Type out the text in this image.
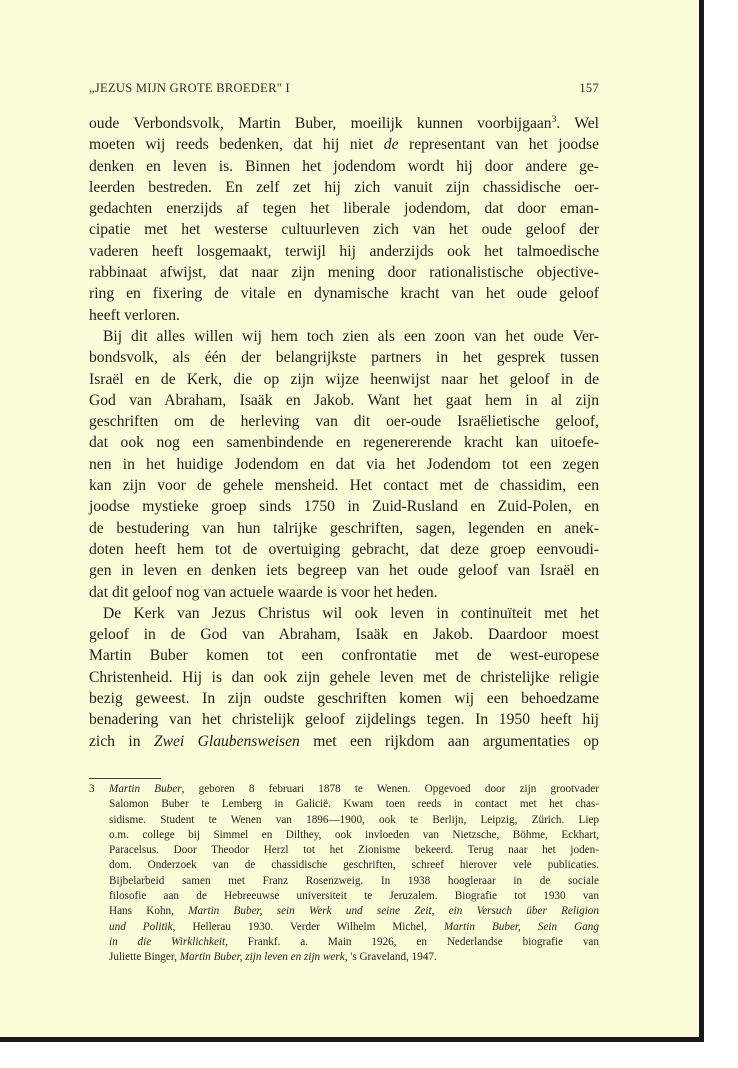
„JEZUS MIJN GROTE BROEDER" I	157
oude Verbondsvolk, Martin Buber, moeilijk kunnen voorbijgaan$^3$. Wel
moeten wij reeds bedenken, dat hij niet de representant van het joodse
denken en leven is. Binnen het jodendom wordt hij door andere ge-
leerden bestreden. En zelf zet hij zich vanuit zijn chassidische oer-
gedachten enerzijds af tegen het liberale jodendom, dat door eman-
cipatie met het westerse cultuurleven zich van het oude geloof der
vaderen heeft losgemaakt, terwijl hij anderzijds ook het talmoedische
rabbinaat afwijst, dat naar zijn mening door rationalistische objective-
ring en fixering de vitale en dynamische kracht van het oude geloof
heeft verloren.
Bij dit alles willen wij hem toch zien als een zoon van het oude Ver-
bondsvolk, als één der belangrijkste partners in het gesprek tussen
Israël en de Kerk, die op zijn wijze heenwijst naar het geloof in de
God van Abraham, Isaäk en Jakob. Want het gaat hem in al zijn
geschriften om de herleving van dit oer-oude Israëlietische geloof,
dat ook nog een samenbindende en regenererende kracht kan uitoefe-
nen in het huidige Jodendom en dat via het Jodendom tot een zegen
kan zijn voor de gehele mensheid. Het contact met de chassidim, een
joodse mystieke groep sinds 1750 in Zuid-Rusland en Zuid-Polen, en
de bestudering van hun talrijke geschriften, sagen, legenden en anek-
doten heeft hem tot de overtuiging gebracht, dat deze groep eenvoudi-
gen in leven en denken iets begreep van het oude geloof van Israël en
dat dit geloof nog van actuele waarde is voor het heden.
De Kerk van Jezus Christus wil ook leven in continuïteit met het
geloof in de God van Abraham, Isaäk en Jakob. Daardoor moest
Martin Buber komen tot een confrontatie met de west-europese
Christenheid. Hij is dan ook zijn gehele leven met de christelijke religie
bezig geweest. In zijn oudste geschriften komen wij een behoedzame
benadering van het christelijk geloof zijdelings tegen. In 1950 heeft hij
zich in Zwei Glaubensweisen met een rijkdom aan argumentaties op
3 Martin Buber, geboren 8 februari 1878 te Wenen. Opgevoed door zijn grootvader
Salomon Buber te Lemberg in Galicië. Kwam toen reeds in contact met het chas-
sidisme. Student te Wenen van 1896—1900, ook te Berlijn, Leipzig, Zürich. Liep
o.m. college bij Simmel en Dilthey, ook invloeden van Nietzsche, Böhme, Eckhart,
Paracelsus. Door Theodor Herzl tot het Zionisme bekeerd. Terug naar het joden-
dom. Onderzoek van de chassidische geschriften, schreef hierover vele publicaties.
Bijbelarbeid samen met Franz Rosenzweig. In 1938 hoogleraar in de sociale
filosofie aan de Hebreeuwse universiteit te Jeruzalem. Biografie tot 1930 van
Hans Kohn, Martin Buber, sein Werk und seine Zeit, ein Versuch über Religion
und Politik, Hellerau 1930. Verder Wilhelm Michel, Martin Buber, Sein Gang
in die Wirklichkeit, Frankf. a. Main 1926, en Nederlandse biografie van
Juliette Binger, Martin Buber, zijn leven en zijn werk, 's Graveland, 1947.
